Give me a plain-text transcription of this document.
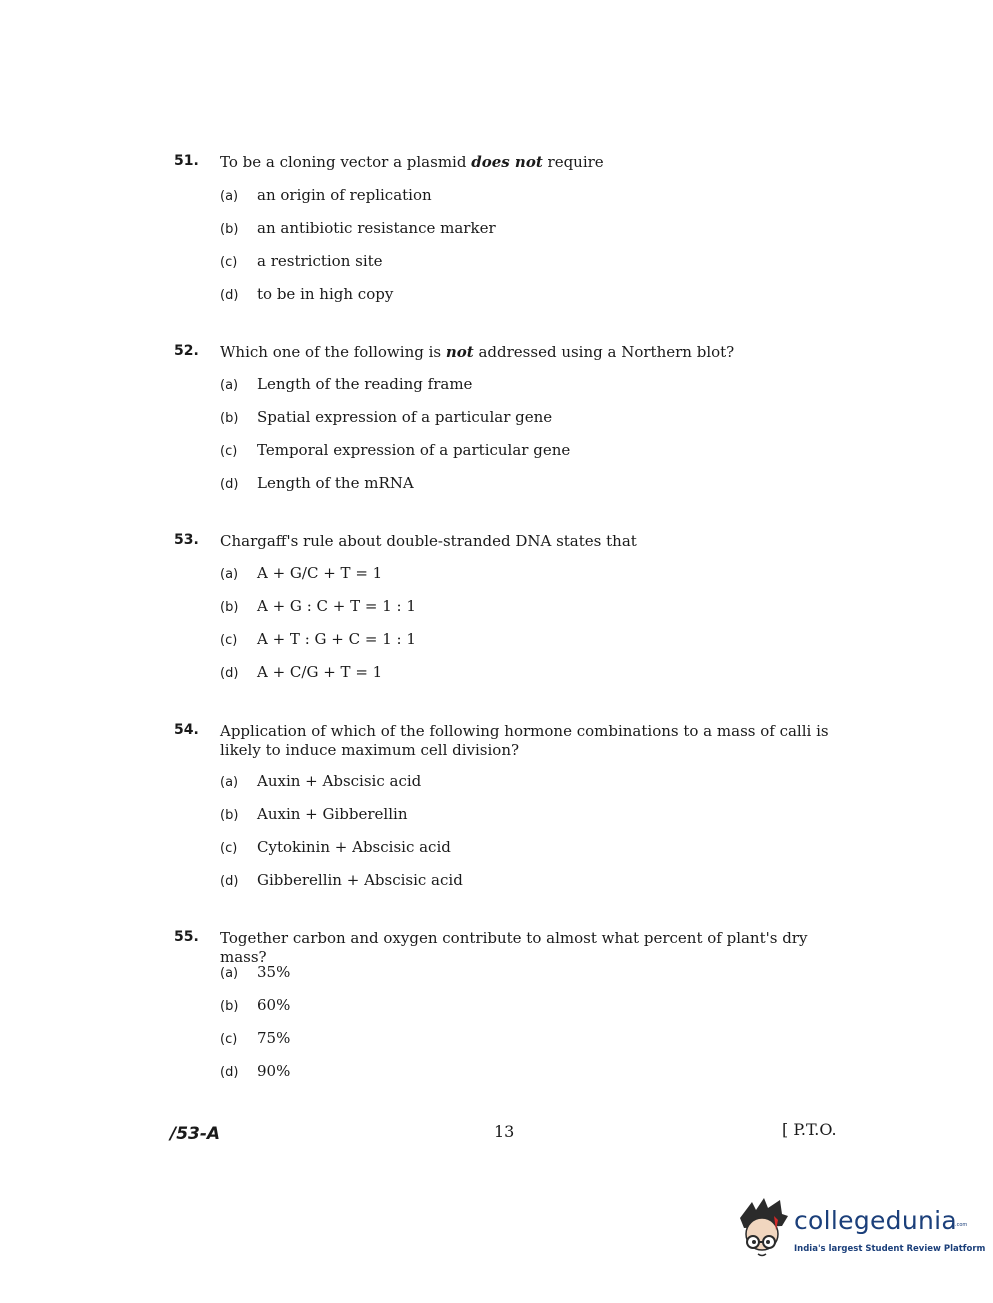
51. To be a cloning vector a plasmid does not require
(a) an origin of replication
(b) an antibiotic resistance marker
(c) a restriction site
(d) to be in high copy
52. Which one of the following is not addressed using a Northern blot?
(a) Length of the reading frame
(b) Spatial expression of a particular gene
(c) Temporal expression of a particular gene
(d) Length of the mRNA
53. Chargaff's rule about double-stranded DNA states that
(a) A + G/C + T = 1
(b) A + G : C + T = 1 : 1
(c) A + T : G + C = 1 : 1
(d) A + C/G + T = 1
54. Application of which of the following hormone combinations to a mass of calli is likely to induce maximum cell division?
(a) Auxin + Abscisic acid
(b) Auxin + Gibberellin
(c) Cytokinin + Abscisic acid
(d) Gibberellin + Abscisic acid
55. Together carbon and oxygen contribute to almost what percent of plant's dry mass?
(a) 35%
(b) 60%
(c) 75%
(d) 90%
/53-A	13	[ P.T.O.
collegedunia
.com
India's largest Student Review Platform
